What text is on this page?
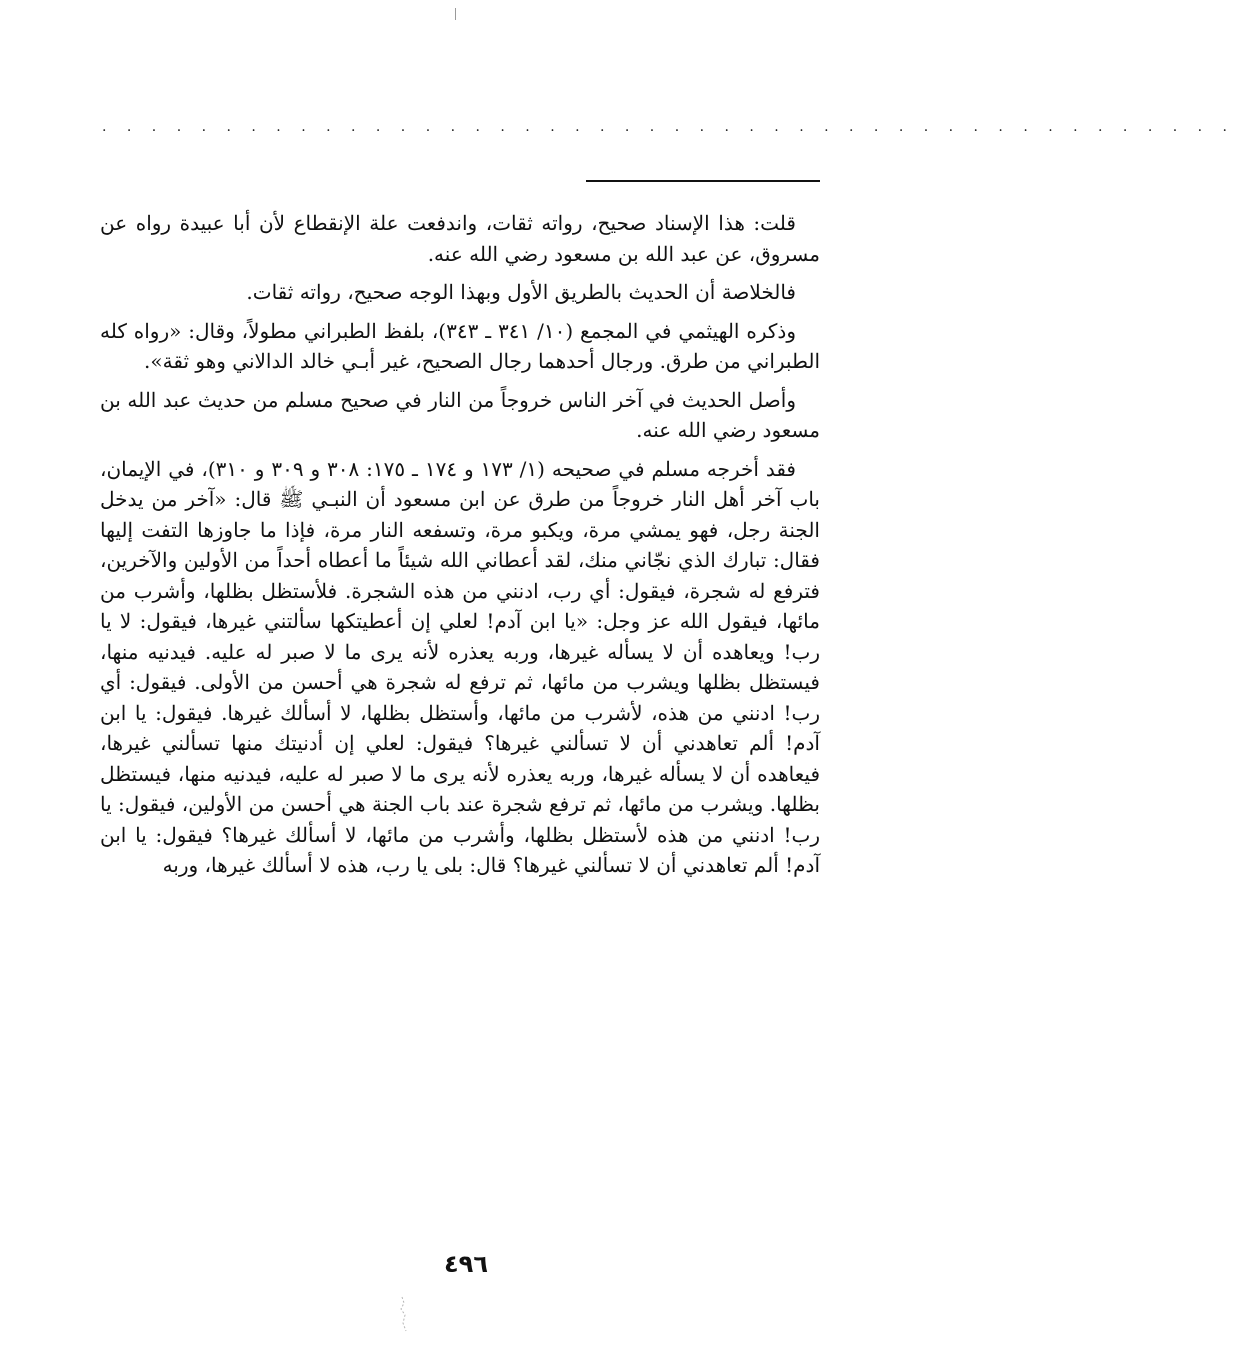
. . . . . . . . . . . . . . . . . . . . . . . . . . . . . . . . . . . . . . . . . . . . . .

قلت: هذا الإسناد صحيح، رواته ثقات، واندفعت علة الإنقطاع لأن أبا عبيدة رواه عن مسروق، عن عبد الله بن مسعود رضي الله عنه.

فالخلاصة أن الحديث بالطريق الأول وبهذا الوجه صحيح، رواته ثقات.

وذكره الهيثمي في المجمع (١٠/ ٣٤١ ـ ٣٤٣)، بلفظ الطبراني مطولاً، وقال: «رواه كله الطبراني من طرق. ورجال أحدهما رجال الصحيح، غير أبـي خالد الدالاني وهو ثقة».

وأصل الحديث في آخر الناس خروجاً من النار في صحيح مسلم من حديث عبد الله بن مسعود رضي الله عنه.

فقد أخرجه مسلم في صحيحه (١/ ١٧٣ و ١٧٤ ـ ١٧٥: ٣٠٨ و ٣٠٩ و ٣١٠)، في الإيمان، باب آخر أهل النار خروجاً من طرق عن ابن مسعود أن النبـي ﷺ قال: «آخر من يدخل الجنة رجل، فهو يمشي مرة، ويكبو مرة، وتسفعه النار مرة، فإذا ما جاوزها التفت إليها فقال: تبارك الذي نجّاني منك، لقد أعطاني الله شيئاً ما أعطاه أحداً من الأولين والآخرين، فترفع له شجرة، فيقول: أي رب، ادنني من هذه الشجرة. فلأستظل بظلها، وأشرب من مائها، فيقول الله عز وجل: «يا ابن آدم! لعلي إن أعطيتكها سألتني غيرها، فيقول: لا يا رب! ويعاهده أن لا يسأله غيرها، وربه يعذره لأنه يرى ما لا صبر له عليه. فيدنيه منها، فيستظل بظلها ويشرب من مائها، ثم ترفع له شجرة هي أحسن من الأولى. فيقول: أي رب! ادنني من هذه، لأشرب من مائها، وأستظل بظلها، لا أسألك غيرها. فيقول: يا ابن آدم! ألم تعاهدني أن لا تسألني غيرها؟ فيقول: لعلي إن أدنيتك منها تسألني غيرها، فيعاهده أن لا يسأله غيرها، وربه يعذره لأنه يرى ما لا صبر له عليه، فيدنيه منها، فيستظل بظلها. ويشرب من مائها، ثم ترفع شجرة عند باب الجنة هي أحسن من الأولين، فيقول: يا رب! ادنني من هذه لأستظل بظلها، وأشرب من مائها، لا أسألك غيرها؟ فيقول: يا ابن آدم! ألم تعاهدني أن لا تسألني غيرها؟ قال: بلى يا رب، هذه لا أسألك غيرها، وربه

٤٩٦
